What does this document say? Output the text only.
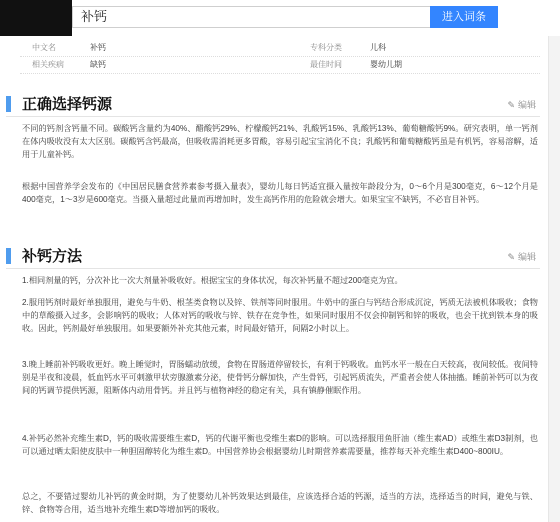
补钙
进入词条
中文名	补钙	专科分类	儿科
相关疾病	缺钙	最佳时间	婴幼儿期
正确选择钙源	✎ 编辑

不同的钙剂含钙量不同。碳酸钙含量约为40%、醋酸钙29%、柠檬酸钙21%、乳酸钙15%、乳酸钙13%、葡萄糖酸钙9%。研究表明，单一钙剂在体内吸收没有太大区别。碳酸钙含钙最高，但吸收需消耗更多胃酸，容易引起宝宝消化不良；乳酸钙和葡萄糖酸钙虽是有机钙，容易溶解，适用于儿童补钙。

根据中国营养学会发布的《中国居民膳食营养素参考摄入量表》，婴幼儿每日钙适宜摄入量按年龄段分为，0～6个月是300毫克，6～12个月是400毫克，1～3岁是600毫克。当摄入量超过此量而再增加时，发生高钙作用的危险就会增大。如果宝宝不缺钙，不必盲目补钙。

补钙方法	✎ 编辑

1.相同剂量的钙，分次补比一次大剂量补吸收好。根据宝宝的身体状况，每次补钙量不超过200毫克为宜。

2.服用钙剂时最好单独服用，避免与牛奶、根茎类食物以及锌、铁剂等同时服用。牛奶中的蛋白与钙结合形成沉淀，钙质无法被机体吸收；食物中的草酸摄入过多，会影响钙的吸收；人体对钙的吸收与锌、铁存在竞争性，如果同时服用不仅会抑制钙和锌的吸收，也会干扰到铁本身的吸收。因此，钙剂最好单独服用。如果要额外补充其他元素，时间最好错开，间隔2小时以上。

3.晚上睡前补钙吸收更好。晚上睡觉时，胃肠蠕动放缓，食物在胃肠道停留较长，有利于钙吸收。血钙水平一般在白天较高，夜间较低。夜间特别是半夜和凌晨，低血钙水平可刺激甲状旁腺激素分泌，使骨钙分解加快，产生骨钙，引起钙质流失，严重者会使人体抽搐。睡前补钙可以为夜间的钙调节提供钙源，阻断体内动用骨钙。并且钙与植物神经的稳定有关，具有镇静催眠作用。

4.补钙必然补充维生素D，钙的吸收需要维生素D，钙的代谢平衡也受维生素D的影响。可以选择服用鱼肝油（维生素AD）或维生素D3制剂，也可以通过晒太阳使皮肤中一种胆固醇转化为维生素D。中国营养协会根据婴幼儿时期营养素需要量，推荐每天补充维生素D400~800IU。

总之，不要错过婴幼儿补钙的黄金时期，为了使婴幼儿补钙效果达到最佳，应该选择合适的钙源，适当的方法，选择适当的时间，避免与铁、锌、食物等合用，适当地补充维生素D等增加钙的吸收。
